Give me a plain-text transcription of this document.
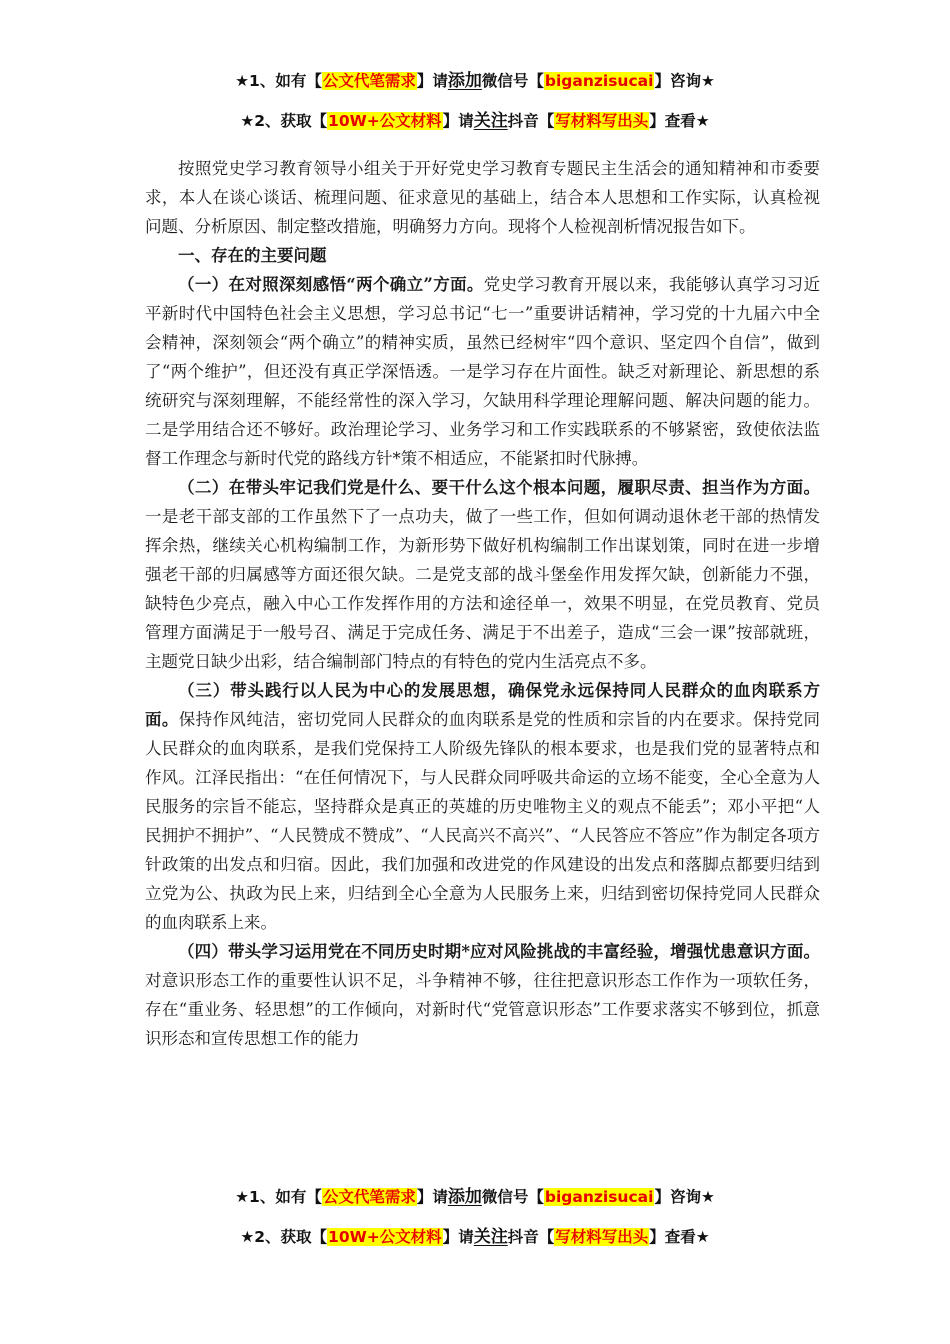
★1、如有【公文代笔需求】请添加微信号【biganzisucai】咨询★
★2、获取【10W+公文材料】请关注抖音【写材料写出头】查看★

按照党史学习教育领导小组关于开好党史学习教育专题民主生活会的通知精神和市委要求，本人在谈心谈话、梳理问题、征求意见的基础上，结合本人思想和工作实际，认真检视问题、分析原因、制定整改措施，明确努力方向。现将个人检视剖析情况报告如下。

一、存在的主要问题

（一）在对照深刻感悟“两个确立”方面。党史学习教育开展以来，我能够认真学习习近平新时代中国特色社会主义思想，学习总书记“七一”重要讲话精神，学习党的十九届六中全会精神，深刻领会“两个确立”的精神实质，虽然已经树牢“四个意识、坚定四个自信”，做到了“两个维护”，但还没有真正学深悟透。一是学习存在片面性。缺乏对新理论、新思想的系统研究与深刻理解，不能经常性的深入学习，欠缺用科学理论理解问题、解决问题的能力。二是学用结合还不够好。政治理论学习、业务学习和工作实践联系的不够紧密，致使依法监督工作理念与新时代党的路线方针*策不相适应，不能紧扣时代脉搏。

（二）在带头牢记我们党是什么、要干什么这个根本问题，履职尽责、担当作为方面。一是老干部支部的工作虽然下了一点功夫，做了一些工作，但如何调动退休老干部的热情发挥余热，继续关心机构编制工作，为新形势下做好机构编制工作出谋划策，同时在进一步增强老干部的归属感等方面还很欠缺。二是党支部的战斗堡垒作用发挥欠缺，创新能力不强，缺特色少亮点，融入中心工作发挥作用的方法和途径单一，效果不明显，在党员教育、党员管理方面满足于一般号召、满足于完成任务、满足于不出差子，造成“三会一课”按部就班，主题党日缺少出彩，结合编制部门特点的有特色的党内生活亮点不多。

（三）带头践行以人民为中心的发展思想，确保党永远保持同人民群众的血肉联系方面。保持作风纯洁，密切党同人民群众的血肉联系是党的性质和宗旨的内在要求。保持党同人民群众的血肉联系，是我们党保持工人阶级先锋队的根本要求，也是我们党的显著特点和作风。江泽民指出：“在任何情况下，与人民群众同呼吸共命运的立场不能变，全心全意为人民服务的宗旨不能忘，坚持群众是真正的英雄的历史唯物主义的观点不能丢”；邓小平把“人民拥护不拥护”、“人民赞成不赞成”、“人民高兴不高兴”、“人民答应不答应”作为制定各项方针政策的出发点和归宿。因此，我们加强和改进党的作风建设的出发点和落脚点都要归结到立党为公、执政为民上来，归结到全心全意为人民服务上来，归结到密切保持党同人民群众的血肉联系上来。

（四）带头学习运用党在不同历史时期*应对风险挑战的丰富经验，增强忧患意识方面。对意识形态工作的重要性认识不足，斗争精神不够，往往把意识形态工作作为一项软任务，存在“重业务、轻思想”的工作倾向，对新时代“党管意识形态”工作要求落实不够到位，抓意识形态和宣传思想工作的能力

★1、如有【公文代笔需求】请添加微信号【biganzisucai】咨询★
★2、获取【10W+公文材料】请关注抖音【写材料写出头】查看★
